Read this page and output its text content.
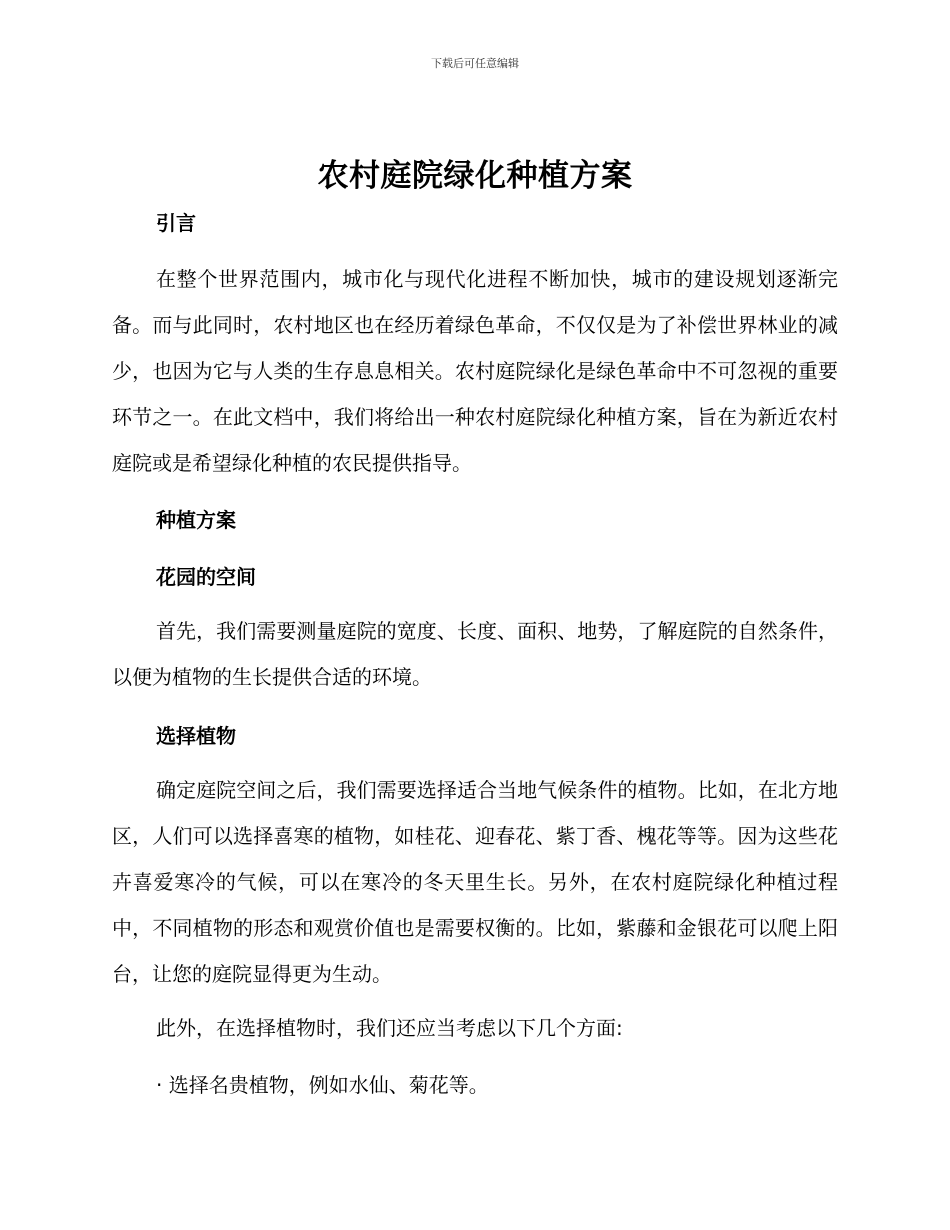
下载后可任意编辑
农村庭院绿化种植方案
引言
在整个世界范围内，城市化与现代化进程不断加快，城市的建设规划逐渐完备。而与此同时，农村地区也在经历着绿色革命，不仅仅是为了补偿世界林业的减少，也因为它与人类的生存息息相关。农村庭院绿化是绿色革命中不可忽视的重要环节之一。在此文档中，我们将给出一种农村庭院绿化种植方案，旨在为新近农村庭院或是希望绿化种植的农民提供指导。
种植方案
花园的空间
首先，我们需要测量庭院的宽度、长度、面积、地势，了解庭院的自然条件，以便为植物的生长提供合适的环境。
选择植物
确定庭院空间之后，我们需要选择适合当地气候条件的植物。比如，在北方地区，人们可以选择喜寒的植物，如桂花、迎春花、紫丁香、槐花等等。因为这些花卉喜爱寒冷的气候，可以在寒冷的冬天里生长。另外，在农村庭院绿化种植过程中，不同植物的形态和观赏价值也是需要权衡的。比如，紫藤和金银花可以爬上阳台，让您的庭院显得更为生动。
此外，在选择植物时，我们还应当考虑以下几个方面:
· 选择名贵植物，例如水仙、菊花等。
